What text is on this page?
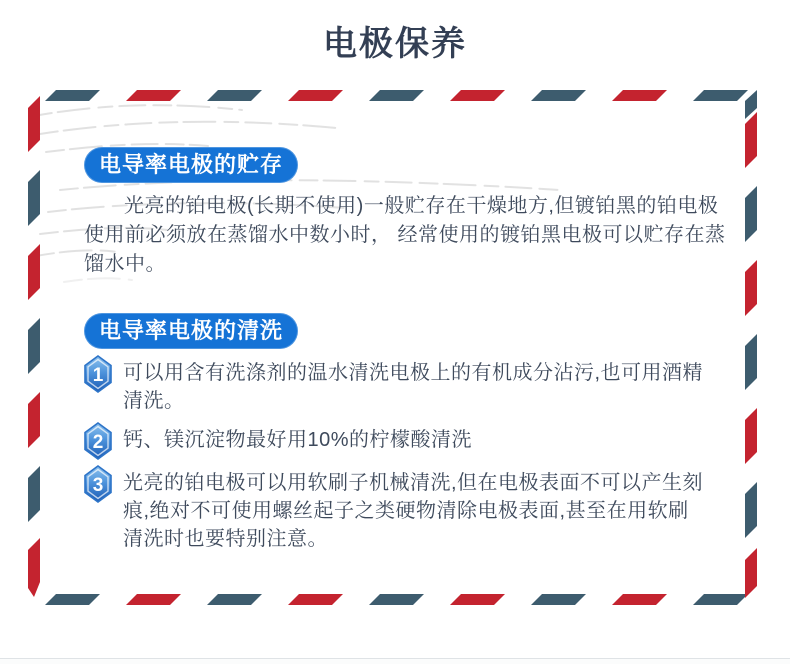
电极保养
电导率电极的贮存

光亮的铂电极(长期不使用)一般贮存在干燥地方,但镀铂黑的铂电极使用前必须放在蒸馏水中数小时， 经常使用的镀铂黑电极可以贮存在蒸馏水中。

电导率电极的清洗
1 可以用含有洗涤剂的温水清洗电极上的有机成分沾污,也可用酒精清洗。
2 钙、镁沉淀物最好用10%的柠檬酸清洗
3 光亮的铂电极可以用软刷子机械清洗,但在电极表面不可以产生刻痕,绝对不可使用螺丝起子之类硬物清除电极表面,甚至在用软刷清洗时也要特别注意。
